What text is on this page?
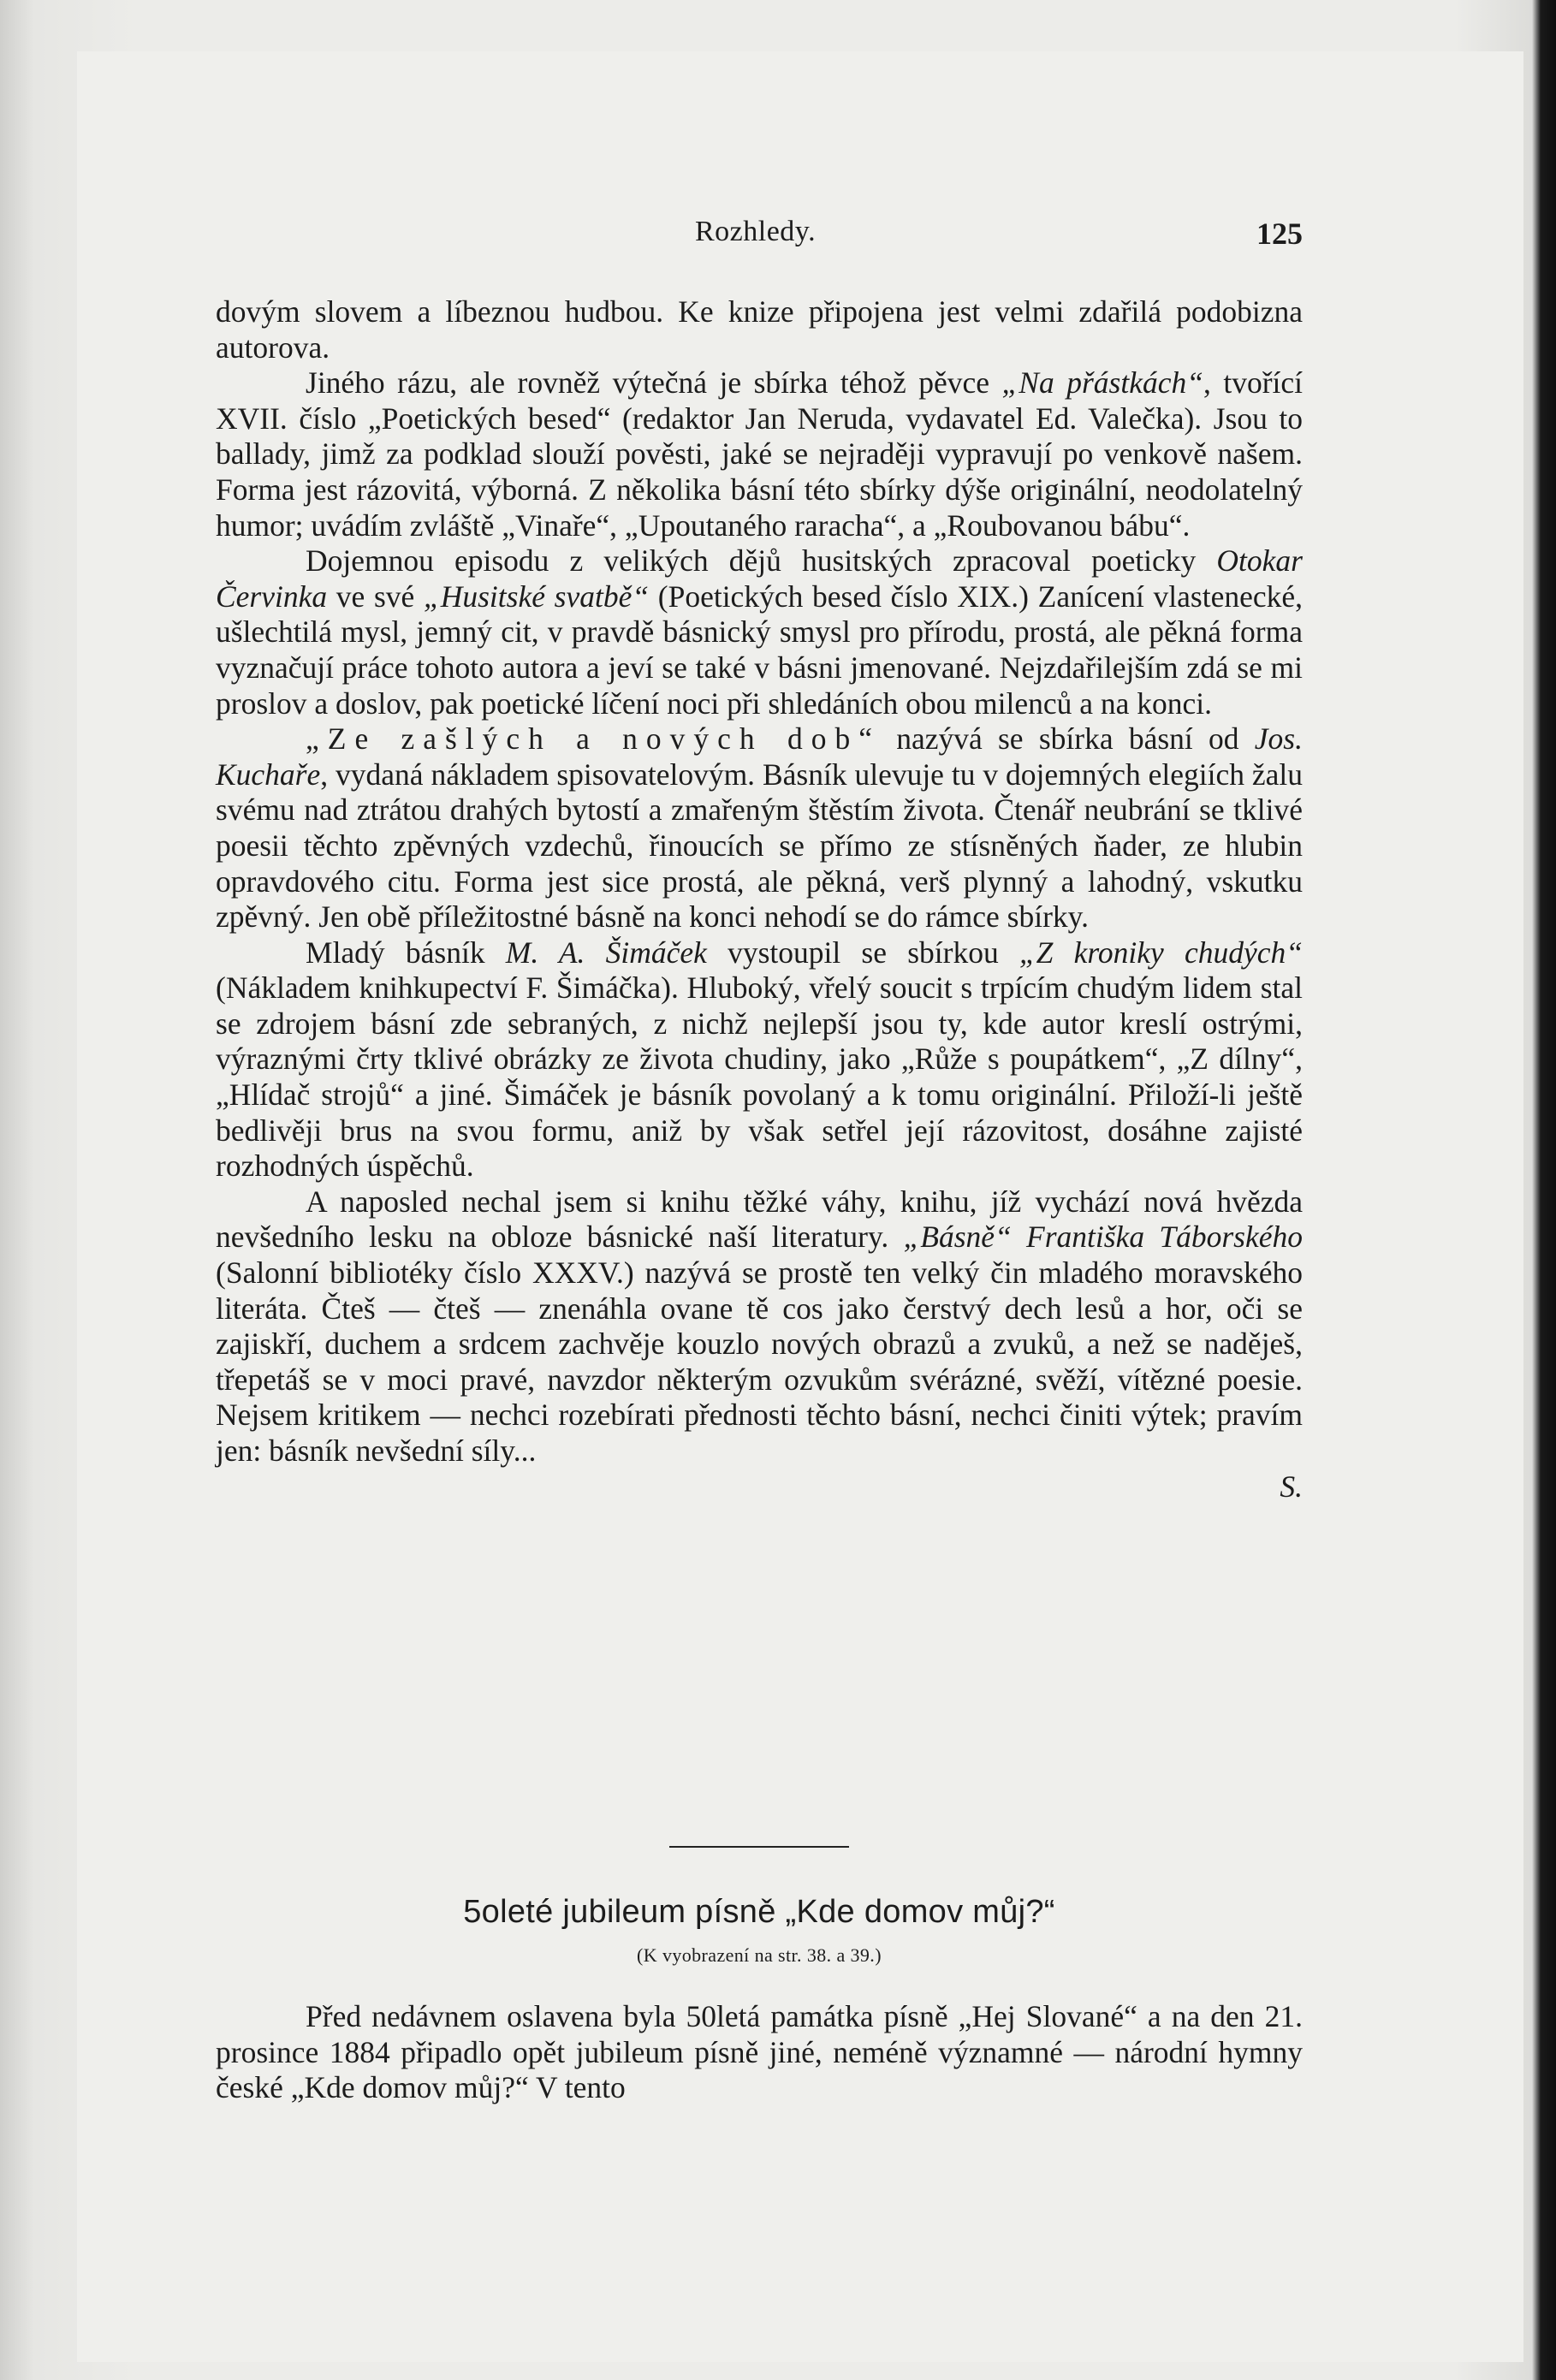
Rozhledy.	125

dovým slovem a líbeznou hudbou. Ke knize připojena jest velmi zdařilá podobizna autorova.

Jiného rázu, ale rovněž výtečná je sbírka téhož pěvce „Na přástkách“, tvořící XVII. číslo „Poetických besed“ (redaktor Jan Neruda, vydavatel Ed. Valečka). Jsou to ballady, jimž za podklad slouží pověsti, jaké se nejraději vypravují po venkově našem. Forma jest rázovitá, výborná. Z několika básní této sbírky dýše originální, neodolatelný humor; uvádím zvláště „Vinaře“, „Upoutaného raracha“, a „Roubovanou bábu“.

Dojemnou episodu z velikých dějů husitských zpracoval poeticky Otokar Červinka ve své „Husitské svatbě“ (Poetických besed číslo XIX.) Zanícení vlastenecké, ušlechtilá mysl, jemný cit, v pravdě básnický smysl pro přírodu, prostá, ale pěkná forma vyznačují práce tohoto autora a jeví se také v básni jmenované. Nejzdařilejším zdá se mi proslov a doslov, pak poetické líčení noci při shledáních obou milenců a na konci.

„Ze zašlých a nových dob“ nazývá se sbírka básní od Jos. Kuchaře, vydaná nákladem spisovatelovým. Básník ulevuje tu v dojemných elegiích žalu svému nad ztrátou drahých bytostí a zmařeným štěstím života. Čtenář neubrání se tklivé poesii těchto zpěvných vzdechů, řinoucích se přímo ze stísněných ňader, ze hlubin opravdového citu. Forma jest sice prostá, ale pěkná, verš plynný a lahodný, vskutku zpěvný. Jen obě příležitostné básně na konci nehodí se do rámce sbírky.

Mladý básník M. A. Šimáček vystoupil se sbírkou „Z kroniky chudých“ (Nákladem knihkupectví F. Šimáčka). Hluboký, vřelý soucit s trpícím chudým lidem stal se zdrojem básní zde sebraných, z nichž nejlepší jsou ty, kde autor kreslí ostrými, výraznými črty tklivé obrázky ze života chudiny, jako „Růže s poupátkem“, „Z dílny“, „Hlídač strojů“ a jiné. Šimáček je básník povolaný a k tomu originální. Přiloží-li ještě bedlivěji brus na svou formu, aniž by však setřel její rázovitost, dosáhne zajisté rozhodných úspěchů.

A naposled nechal jsem si knihu těžké váhy, knihu, jíž vychází nová hvězda nevšedního lesku na obloze básnické naší literatury. „Básně“ Františka Táborského (Salonní bibliotéky číslo XXXV.) nazývá se prostě ten velký čin mladého moravského literáta. Čteš — čteš — znenáhla ovane tě cos jako čerstvý dech lesů a hor, oči se zajiskří, duchem a srdcem zachvěje kouzlo nových obrazů a zvuků, a než se naděješ, třepetáš se v moci pravé, navzdor některým ozvukům svérázné, svěží, vítězné poesie. Nejsem kritikem — nechci rozebírati přednosti těchto básní, nechci činiti výtek; pravím jen: básník nevšední síly...

S.

5oleté jubileum písně „Kde domov můj?“
(K vyobrazení na str. 38. a 39.)

Před nedávnem oslavena byla 50letá památka písně „Hej Slované“ a na den 21. prosince 1884 připadlo opět jubileum písně jiné, neméně významné — národní hymny české „Kde domov můj?“ V tento
